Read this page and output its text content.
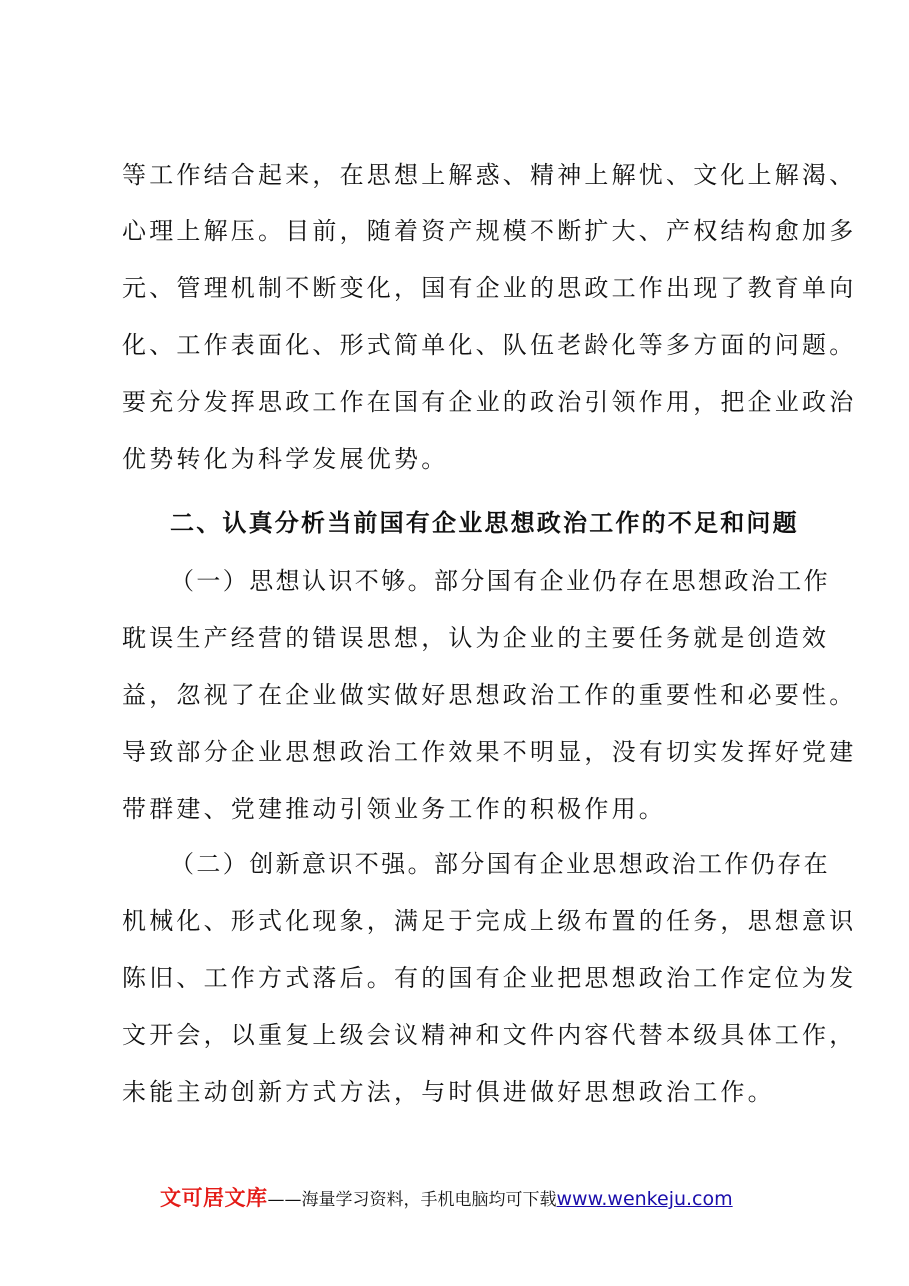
等工作结合起来，在思想上解惑、精神上解忧、文化上解渴、
心理上解压。目前，随着资产规模不断扩大、产权结构愈加多
元、管理机制不断变化，国有企业的思政工作出现了教育单向
化、工作表面化、形式简单化、队伍老龄化等多方面的问题。
要充分发挥思政工作在国有企业的政治引领作用，把企业政治
优势转化为科学发展优势。
二、认真分析当前国有企业思想政治工作的不足和问题
（一）思想认识不够。部分国有企业仍存在思想政治工作
耽误生产经营的错误思想，认为企业的主要任务就是创造效
益，忽视了在企业做实做好思想政治工作的重要性和必要性。
导致部分企业思想政治工作效果不明显，没有切实发挥好党建
带群建、党建推动引领业务工作的积极作用。
（二）创新意识不强。部分国有企业思想政治工作仍存在
机械化、形式化现象，满足于完成上级布置的任务，思想意识
陈旧、工作方式落后。有的国有企业把思想政治工作定位为发
文开会，以重复上级会议精神和文件内容代替本级具体工作，
未能主动创新方式方法，与时俱进做好思想政治工作。
文可居文库——海量学习资料，手机电脑均可下载www.wenkeju.com
